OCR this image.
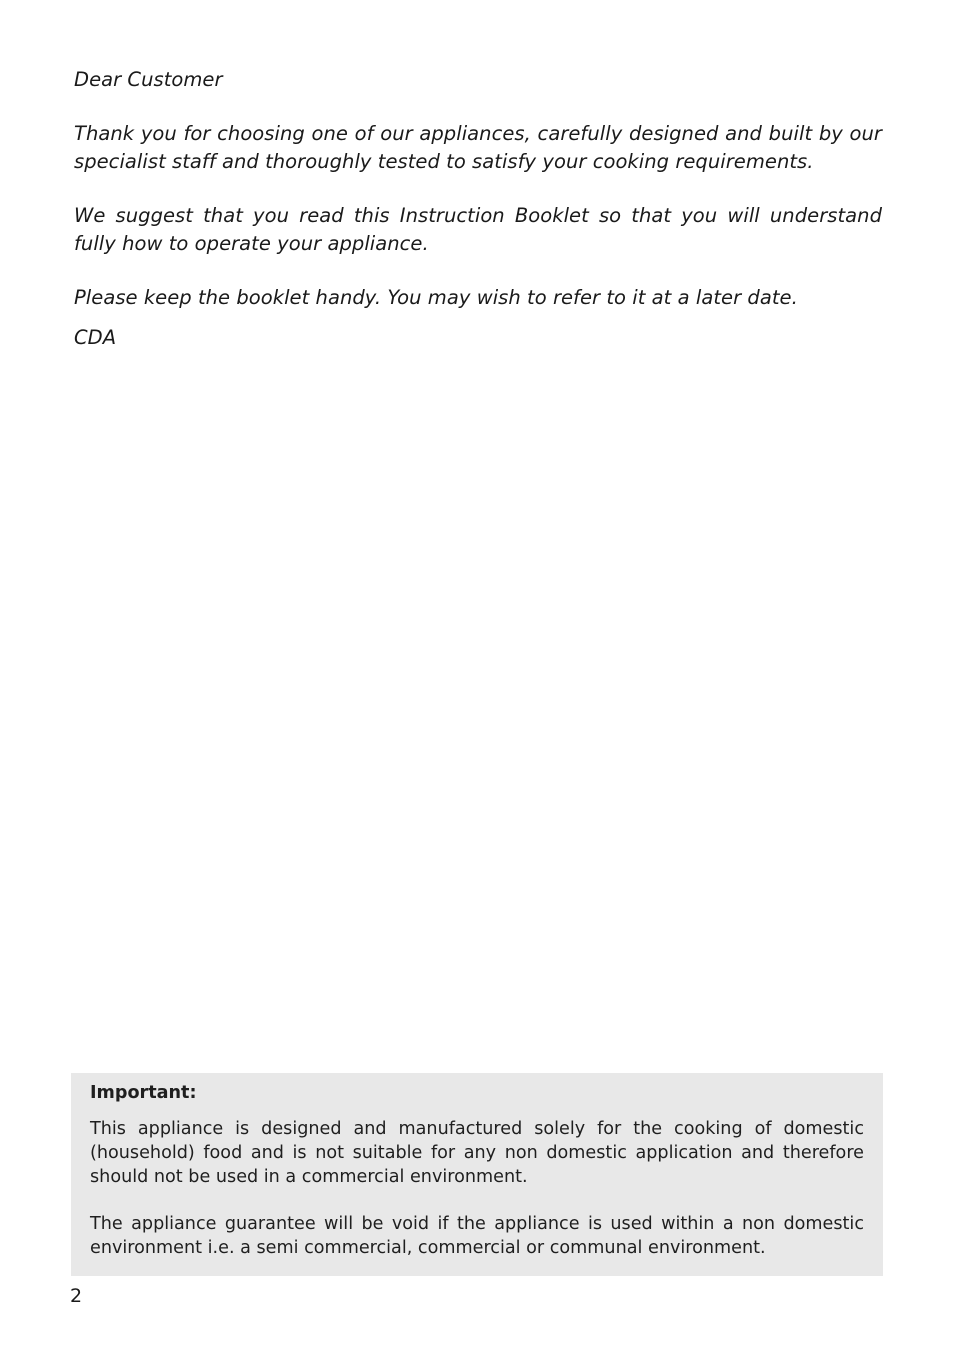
Dear Customer

Thank you for choosing one of our appliances, carefully designed and built by our specialist staff and thoroughly tested to satisfy your cooking requirements.

We suggest that you read this Instruction Booklet so that you will understand fully how to operate your appliance.

Please keep the booklet handy. You may wish to refer to it at a later date.

CDA

Important:

This appliance is designed and manufactured solely for the cooking of domestic (household) food and is not suitable for any non domestic application and therefore should not be used in a commercial environment.

The appliance guarantee will be void if the appliance is used within a non domestic environment i.e. a semi commercial, commercial or communal environment.

2
